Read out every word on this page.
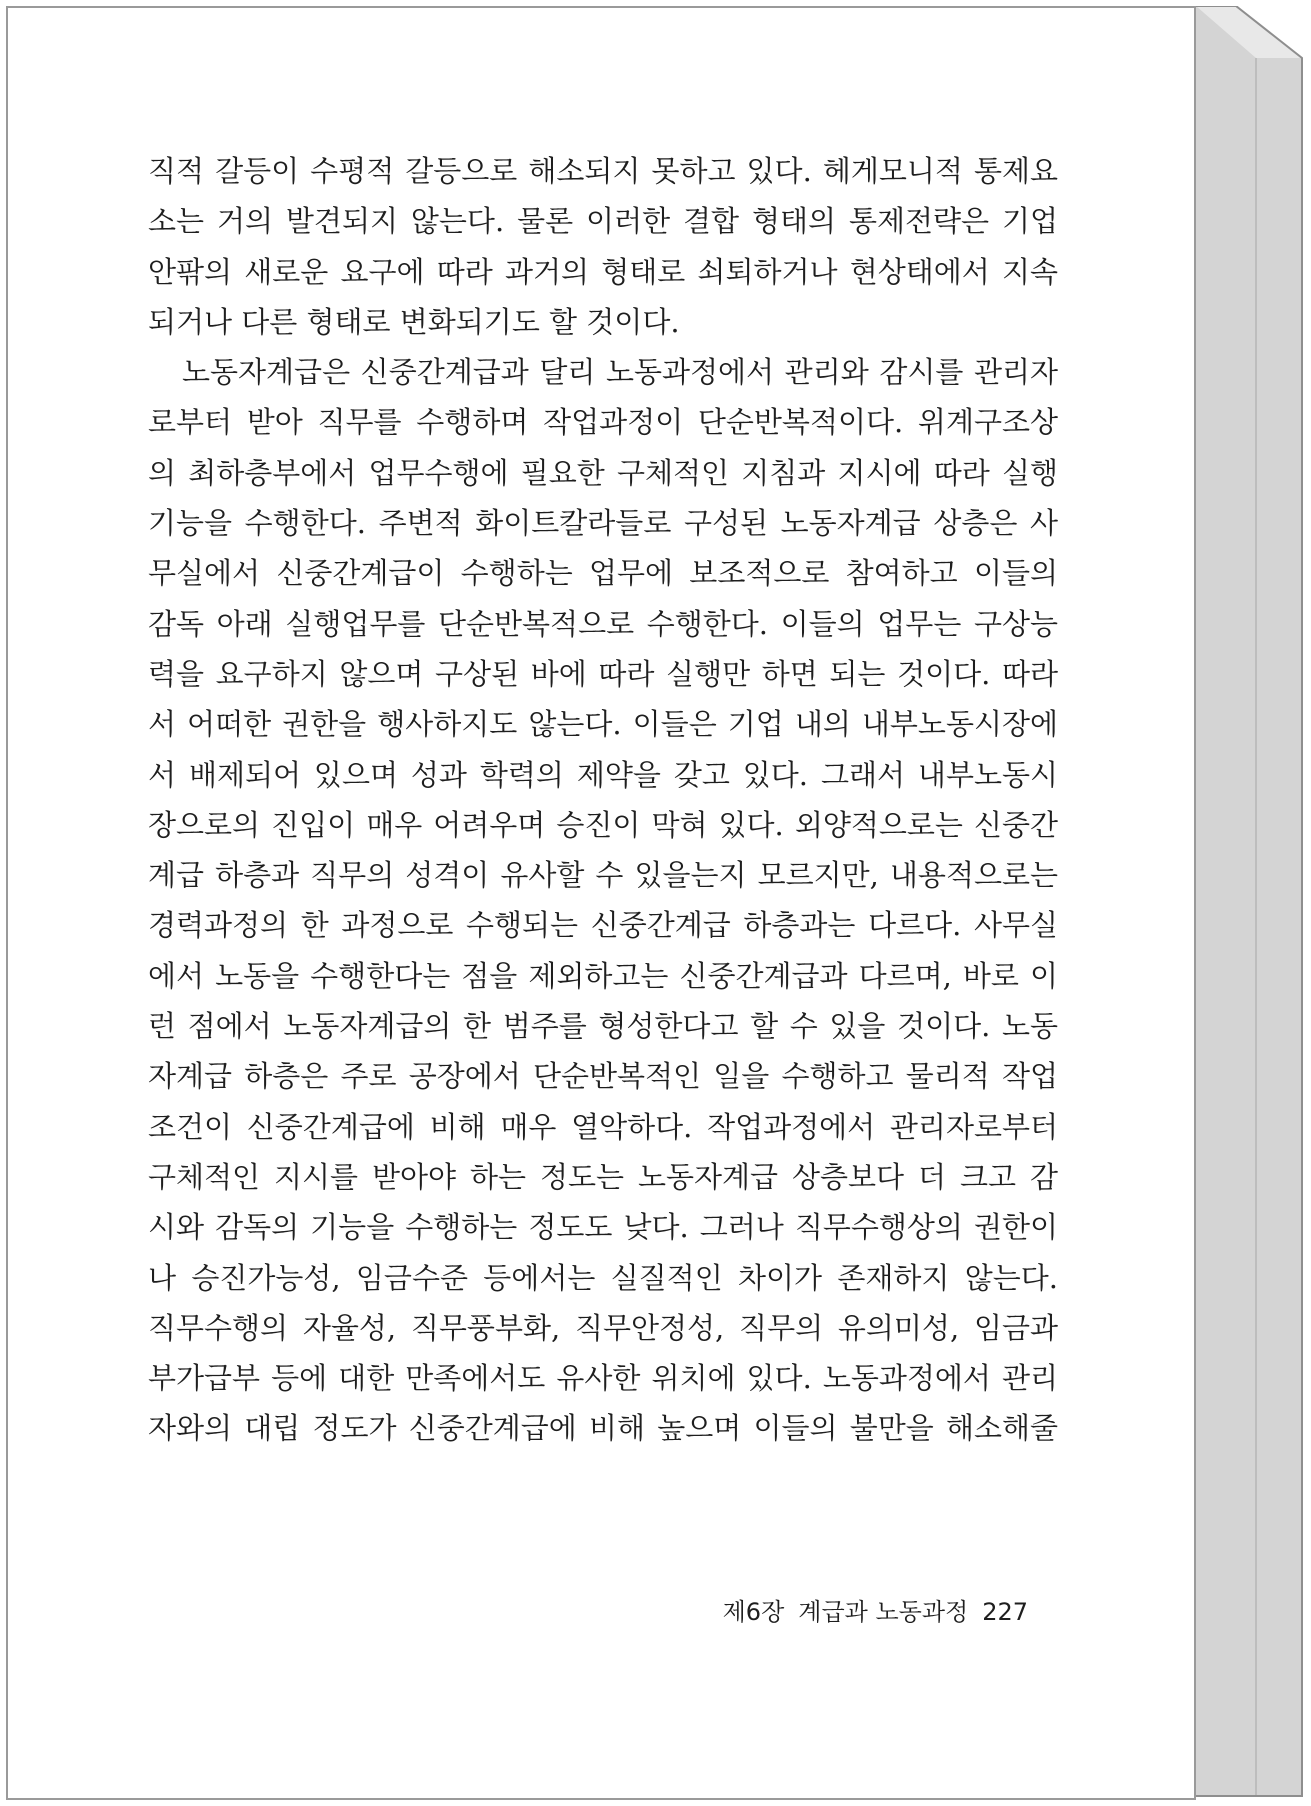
직적 갈등이 수평적 갈등으로 해소되지 못하고 있다. 헤게모니적 통제요
소는 거의 발견되지 않는다. 물론 이러한 결합 형태의 통제전략은 기업
안팎의 새로운 요구에 따라 과거의 형태로 쇠퇴하거나 현상태에서 지속
되거나 다른 형태로 변화되기도 할 것이다.
노동자계급은 신중간계급과 달리 노동과정에서 관리와 감시를 관리자
로부터 받아 직무를 수행하며 작업과정이 단순반복적이다. 위계구조상
의 최하층부에서 업무수행에 필요한 구체적인 지침과 지시에 따라 실행
기능을 수행한다. 주변적 화이트칼라들로 구성된 노동자계급 상층은 사
무실에서 신중간계급이 수행하는 업무에 보조적으로 참여하고 이들의
감독 아래 실행업무를 단순반복적으로 수행한다. 이들의 업무는 구상능
력을 요구하지 않으며 구상된 바에 따라 실행만 하면 되는 것이다. 따라
서 어떠한 권한을 행사하지도 않는다. 이들은 기업 내의 내부노동시장에
서 배제되어 있으며 성과 학력의 제약을 갖고 있다. 그래서 내부노동시
장으로의 진입이 매우 어려우며 승진이 막혀 있다. 외양적으로는 신중간
계급 하층과 직무의 성격이 유사할 수 있을는지 모르지만, 내용적으로는
경력과정의 한 과정으로 수행되는 신중간계급 하층과는 다르다. 사무실
에서 노동을 수행한다는 점을 제외하고는 신중간계급과 다르며, 바로 이
런 점에서 노동자계급의 한 범주를 형성한다고 할 수 있을 것이다. 노동
자계급 하층은 주로 공장에서 단순반복적인 일을 수행하고 물리적 작업
조건이 신중간계급에 비해 매우 열악하다. 작업과정에서 관리자로부터
구체적인 지시를 받아야 하는 정도는 노동자계급 상층보다 더 크고 감
시와 감독의 기능을 수행하는 정도도 낮다. 그러나 직무수행상의 권한이
나 승진가능성, 임금수준 등에서는 실질적인 차이가 존재하지 않는다.
직무수행의 자율성, 직무풍부화, 직무안정성, 직무의 유의미성, 임금과
부가급부 등에 대한 만족에서도 유사한 위치에 있다. 노동과정에서 관리
자와의 대립 정도가 신중간계급에 비해 높으며 이들의 불만을 해소해줄
제6장 계급과 노동과정 227
